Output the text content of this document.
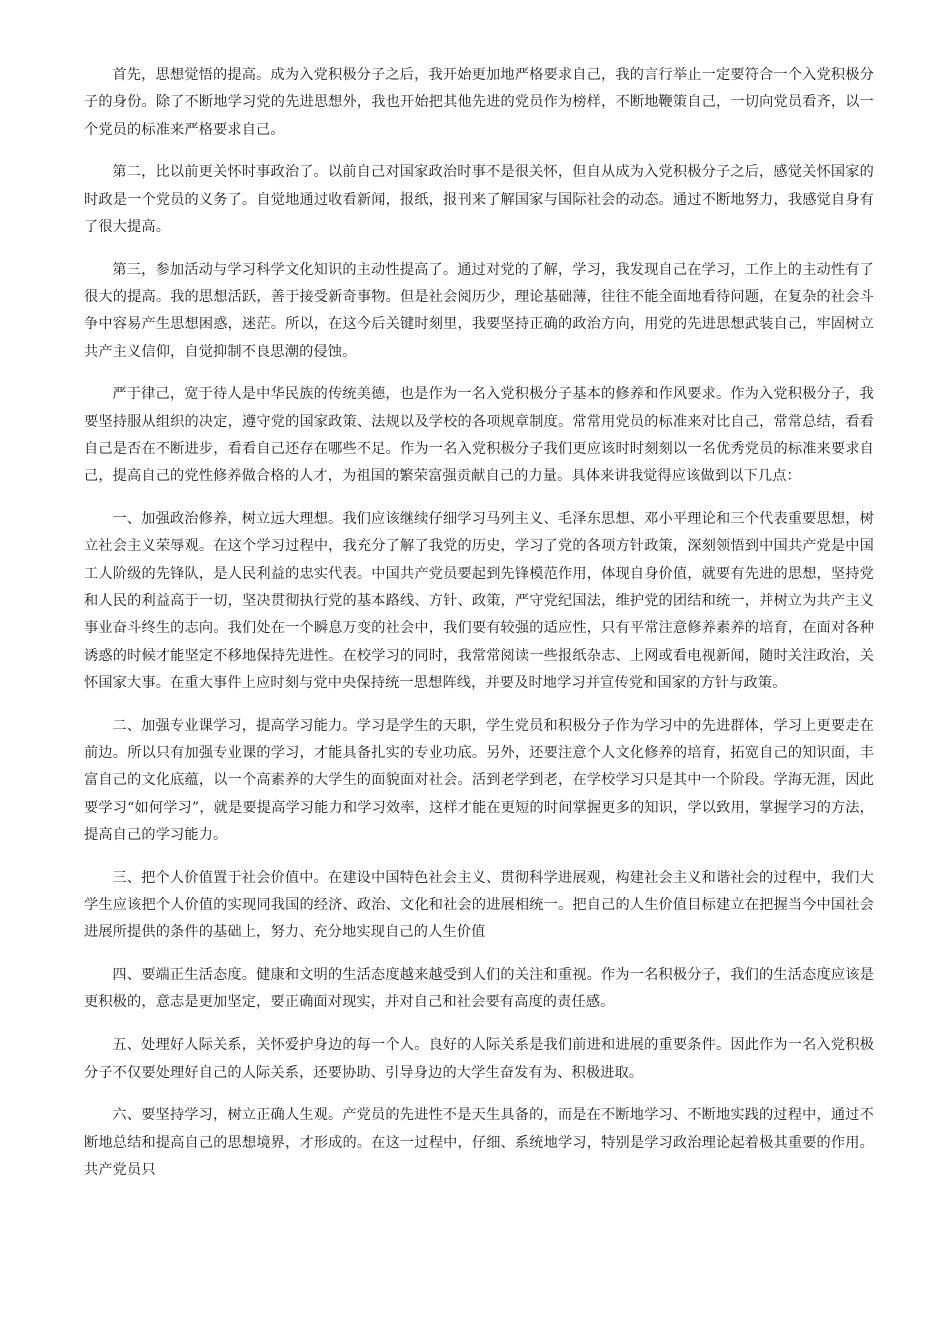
首先，思想觉悟的提高。成为入党积极分子之后，我开始更加地严格要求自己，我的言行举止一定要符合一个入党积极分子的身份。除了不断地学习党的先进思想外，我也开始把其他先进的党员作为榜样，不断地鞭策自己，一切向党员看齐，以一个党员的标准来严格要求自己。

第二，比以前更关怀时事政治了。以前自己对国家政治时事不是很关怀，但自从成为入党积极分子之后，感觉关怀国家的时政是一个党员的义务了。自觉地通过收看新闻，报纸，报刊来了解国家与国际社会的动态。通过不断地努力，我感觉自身有了很大提高。

第三，参加活动与学习科学文化知识的主动性提高了。通过对党的了解，学习，我发现自己在学习，工作上的主动性有了很大的提高。我的思想活跃，善于接受新奇事物。但是社会阅历少，理论基础薄，往往不能全面地看待问题，在复杂的社会斗争中容易产生思想困惑，迷茫。所以，在这今后关键时刻里，我要坚持正确的政治方向，用党的先进思想武装自己，牢固树立共产主义信仰，自觉抑制不良思潮的侵蚀。

严于律己，宽于待人是中华民族的传统美德，也是作为一名入党积极分子基本的修养和作风要求。作为入党积极分子，我要坚持服从组织的决定，遵守党的国家政策、法规以及学校的各项规章制度。常常用党员的标准来对比自己，常常总结，看看自己是否在不断进步，看看自己还存在哪些不足。作为一名入党积极分子我们更应该时时刻刻以一名优秀党员的标准来要求自己，提高自己的党性修养做合格的人才，为祖国的繁荣富强贡献自己的力量。具体来讲我觉得应该做到以下几点：

一、加强政治修养，树立远大理想。我们应该继续仔细学习马列主义、毛泽东思想、邓小平理论和三个代表重要思想，树立社会主义荣辱观。在这个学习过程中，我充分了解了我党的历史，学习了党的各项方针政策，深刻领悟到中国共产党是中国工人阶级的先锋队，是人民利益的忠实代表。中国共产党员要起到先锋模范作用，体现自身价值，就要有先进的思想，坚持党和人民的利益高于一切，坚决贯彻执行党的基本路线、方针、政策，严守党纪国法，维护党的团结和统一，并树立为共产主义事业奋斗终生的志向。我们处在一个瞬息万变的社会中，我们要有较强的适应性，只有平常注意修养素养的培育，在面对各种诱惑的时候才能坚定不移地保持先进性。在校学习的同时，我常常阅读一些报纸杂志、上网或看电视新闻，随时关注政治，关怀国家大事。在重大事件上应时刻与党中央保持统一思想阵线，并要及时地学习并宣传党和国家的方针与政策。

二、加强专业课学习，提高学习能力。学习是学生的天职，学生党员和积极分子作为学习中的先进群体，学习上更要走在前边。所以只有加强专业课的学习，才能具备扎实的专业功底。另外，还要注意个人文化修养的培育，拓宽自己的知识面，丰富自己的文化底蕴，以一个高素养的大学生的面貌面对社会。活到老学到老，在学校学习只是其中一个阶段。学海无涯，因此要学习“如何学习”，就是要提高学习能力和学习效率，这样才能在更短的时间掌握更多的知识，学以致用，掌握学习的方法，提高自己的学习能力。

三、把个人价值置于社会价值中。在建设中国特色社会主义、贯彻科学进展观，构建社会主义和谐社会的过程中，我们大学生应该把个人价值的实现同我国的经济、政治、文化和社会的进展相统一。把自己的人生价值目标建立在把握当今中国社会进展所提供的条件的基础上，努力、充分地实现自己的人生价值

四、要端正生活态度。健康和文明的生活态度越来越受到人们的关注和重视。作为一名积极分子，我们的生活态度应该是更积极的，意志是更加坚定，要正确面对现实，并对自己和社会要有高度的责任感。

五、处理好人际关系，关怀爱护身边的每一个人。良好的人际关系是我们前进和进展的重要条件。因此作为一名入党积极分子不仅要处理好自己的人际关系，还要协助、引导身边的大学生奋发有为、积极进取。

六、要坚持学习，树立正确人生观。产党员的先进性不是天生具备的，而是在不断地学习、不断地实践的过程中，通过不断地总结和提高自己的思想境界，才形成的。在这一过程中，仔细、系统地学习，特别是学习政治理论起着极其重要的作用。共产党员只
